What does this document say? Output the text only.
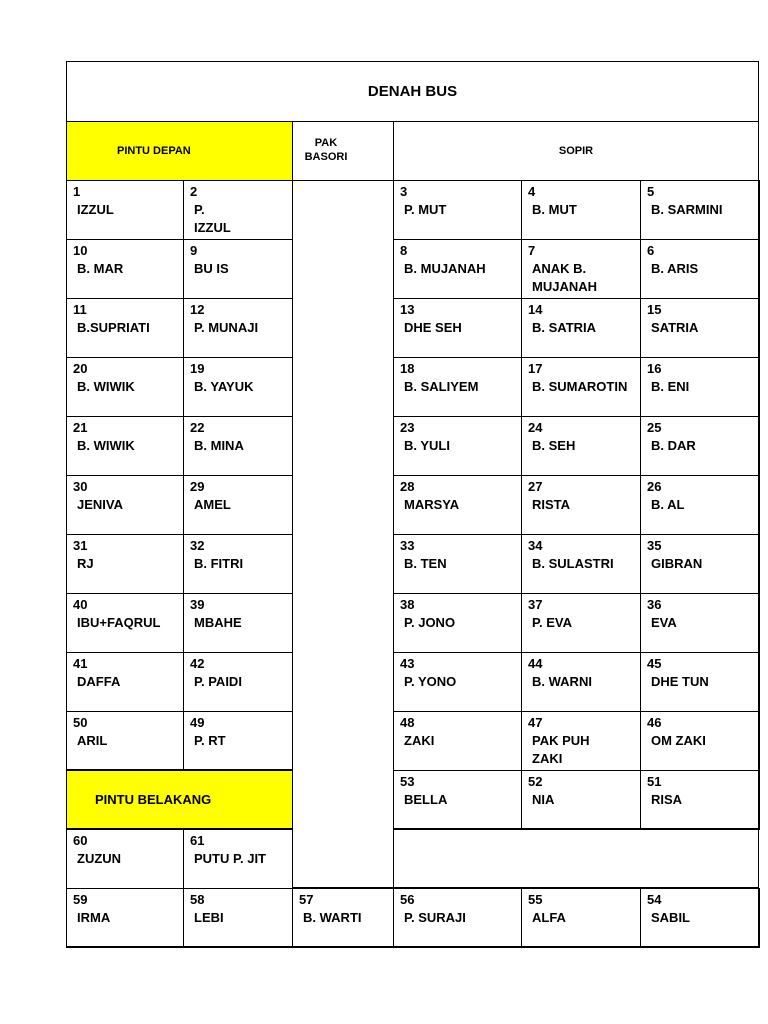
DENAH BUS
PINTU DEPAN
PAK
BASORI	SOPIR
PINTU BELAKANG
1
IZZUL
2
P.
IZZUL
3
P. MUT
4
B. MUT
5
B. SARMINI
10
B. MAR
9
BU IS
8
B. MUJANAH
7
ANAK B.
MUJANAH
6
B. ARIS
11
B.SUPRIATI
12
P. MUNAJI
13
DHE SEH
14
B. SATRIA
15
SATRIA
20
B. WIWIK
19
B. YAYUK
18
B. SALIYEM
17
B. SUMAROTIN
16
B. ENI
21
B. WIWIK
22
B. MINA
23
B. YULI
24
B. SEH
25
B. DAR
30
JENIVA
29
AMEL
28
MARSYA
27
RISTA
26
B. AL
31
RJ
32
B. FITRI
33
B. TEN
34
B. SULASTRI
35
GIBRAN
40
IBU+FAQRUL
39
MBAHE
38
P. JONO
37
P. EVA
36
EVA
41
DAFFA
42
P. PAIDI
43
P. YONO
44
B. WARNI
45
DHE TUN
50
ARIL
49
P. RT
48
ZAKI
47
PAK PUH
ZAKI
46
OM ZAKI
53
BELLA
52
NIA
51
RISA
60
ZUZUN
61
PUTU P. JIT
59
IRMA
58
LEBI
57
B. WARTI
56
P. SURAJI
55
ALFA
54
SABIL
